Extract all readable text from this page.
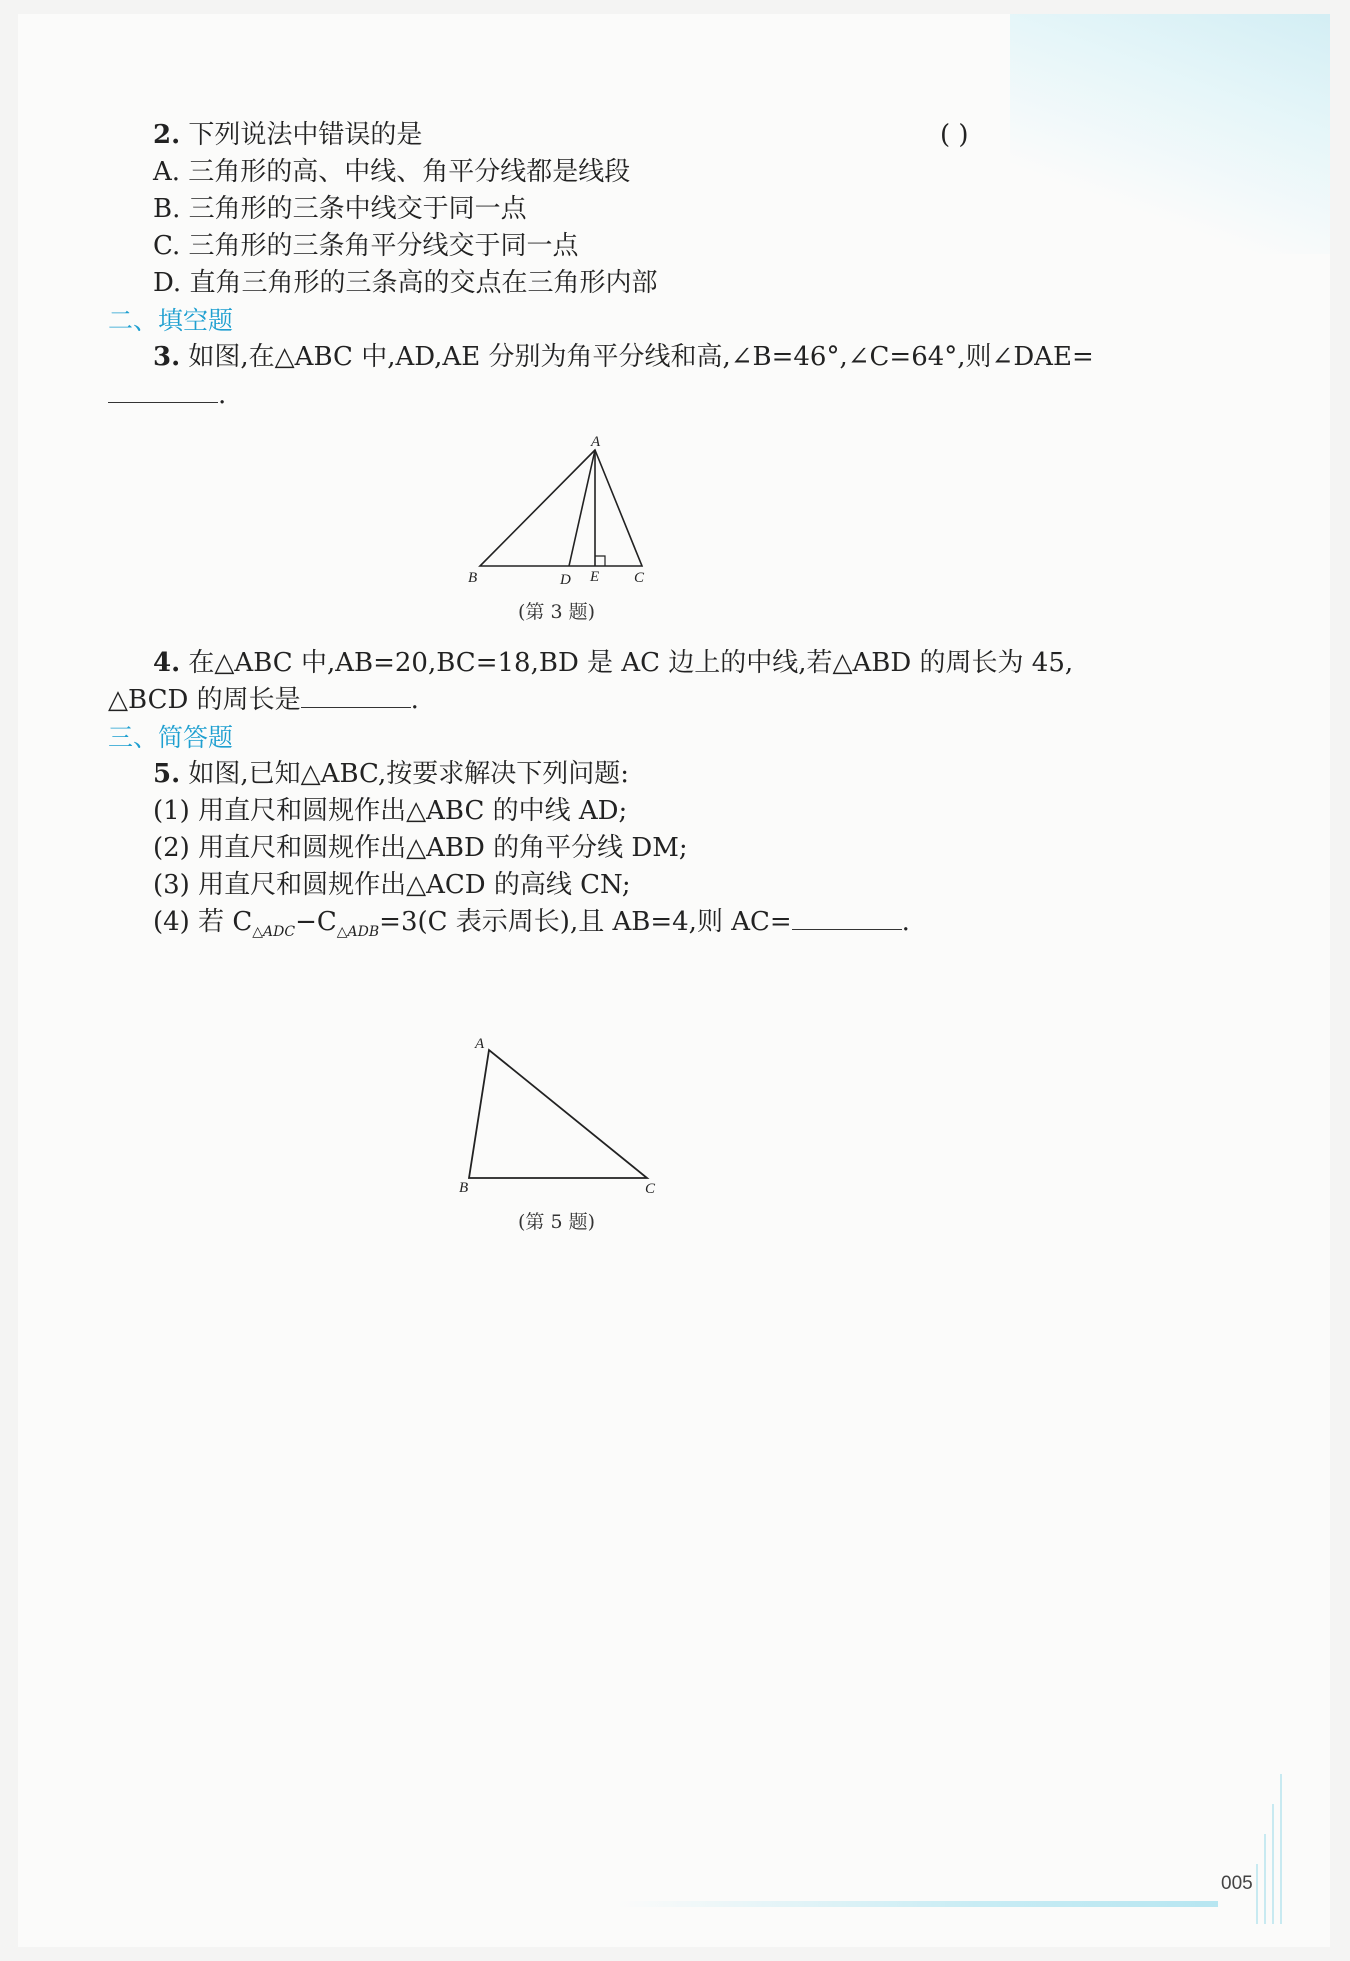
2. 下列说法中错误的是	( )
A. 三角形的高、中线、角平分线都是线段
B. 三角形的三条中线交于同一点
C. 三角形的三条角平分线交于同一点
D. 直角三角形的三条高的交点在三角形内部
二、填空题
3. 如图,在△ABC 中,AD,AE 分别为角平分线和高,∠B=46°,∠C=64°,则∠DAE=
.
A
B	D E C
(第 3 题)
4. 在△ABC 中,AB=20,BC=18,BD 是 AC 边上的中线,若△ABD 的周长为 45,
△BCD 的周长是	.
三、简答题
5. 如图,已知△ABC,按要求解决下列问题:
(1) 用直尺和圆规作出△ABC 的中线 AD;
(2) 用直尺和圆规作出△ABD 的角平分线 DM;
(3) 用直尺和圆规作出△ACD 的高线 CN;
(4) 若 $C_{\triangle ADC}-C_{\triangle ADB}=3(C$ 表示周长),且 AB=4,则 AC=	.
A
B	C
(第 5 题)
005
